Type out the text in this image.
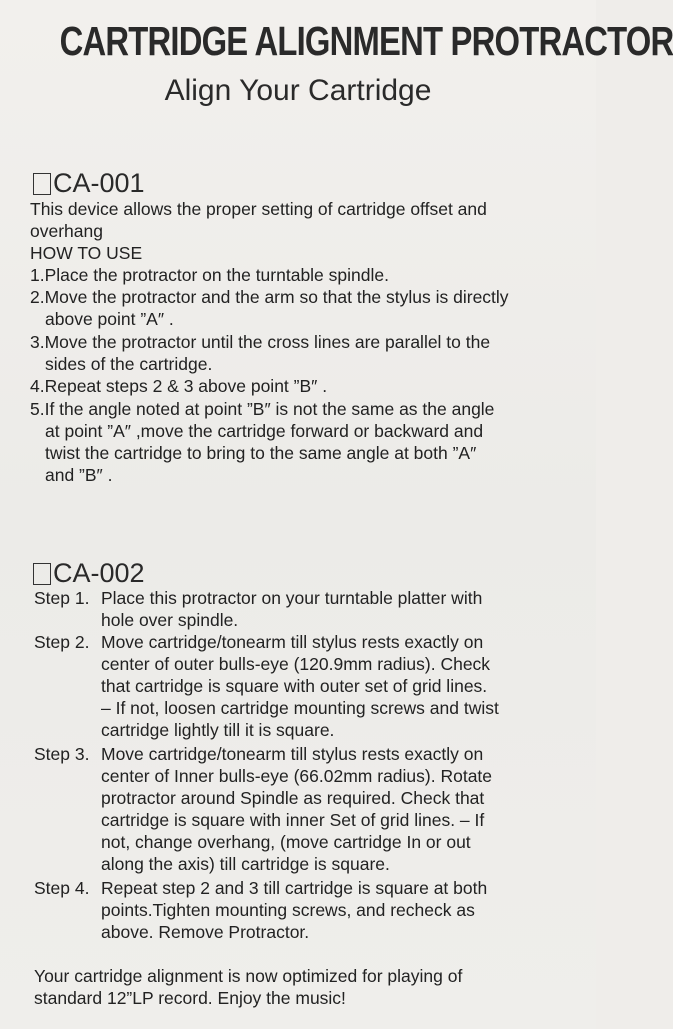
CARTRIDGE ALIGNMENT PROTRACTOR
Align Your Cartridge
CA-001
This device allows the proper setting of cartridge offset and
overhang
HOW TO USE
1.Place the protractor on the turntable spindle.
2.Move the protractor and the arm so that the stylus is directly
above point ”A″ .
3.Move the protractor until the cross lines are parallel to the
sides of the cartridge.
4.Repeat steps 2 & 3 above point ”B″ .
5.If the angle noted at point ”B″ is not the same as the angle
at point ”A″ ,move the cartridge forward or backward and
twist the cartridge to bring to the same angle at both ”A″
and ”B″ .
CA-002
Step 1. Place this protractor on your turntable platter with
hole over spindle.
Step 2. Move cartridge/tonearm till stylus rests exactly on
center of outer bulls-eye (120.9mm radius). Check
that cartridge is square with outer set of grid lines.
– If not, loosen cartridge mounting screws and twist
cartridge lightly till it is square.
Step 3. Move cartridge/tonearm till stylus rests exactly on
center of Inner bulls-eye (66.02mm radius). Rotate
protractor around Spindle as required. Check that
cartridge is square with inner Set of grid lines. – If
not, change overhang, (move cartridge In or out
along the axis) till cartridge is square.
Step 4. Repeat step 2 and 3 till cartridge is square at both
points.Tighten mounting screws, and recheck as
above. Remove Protractor.
Your cartridge alignment is now optimized for playing of
standard 12”LP record. Enjoy the music!
